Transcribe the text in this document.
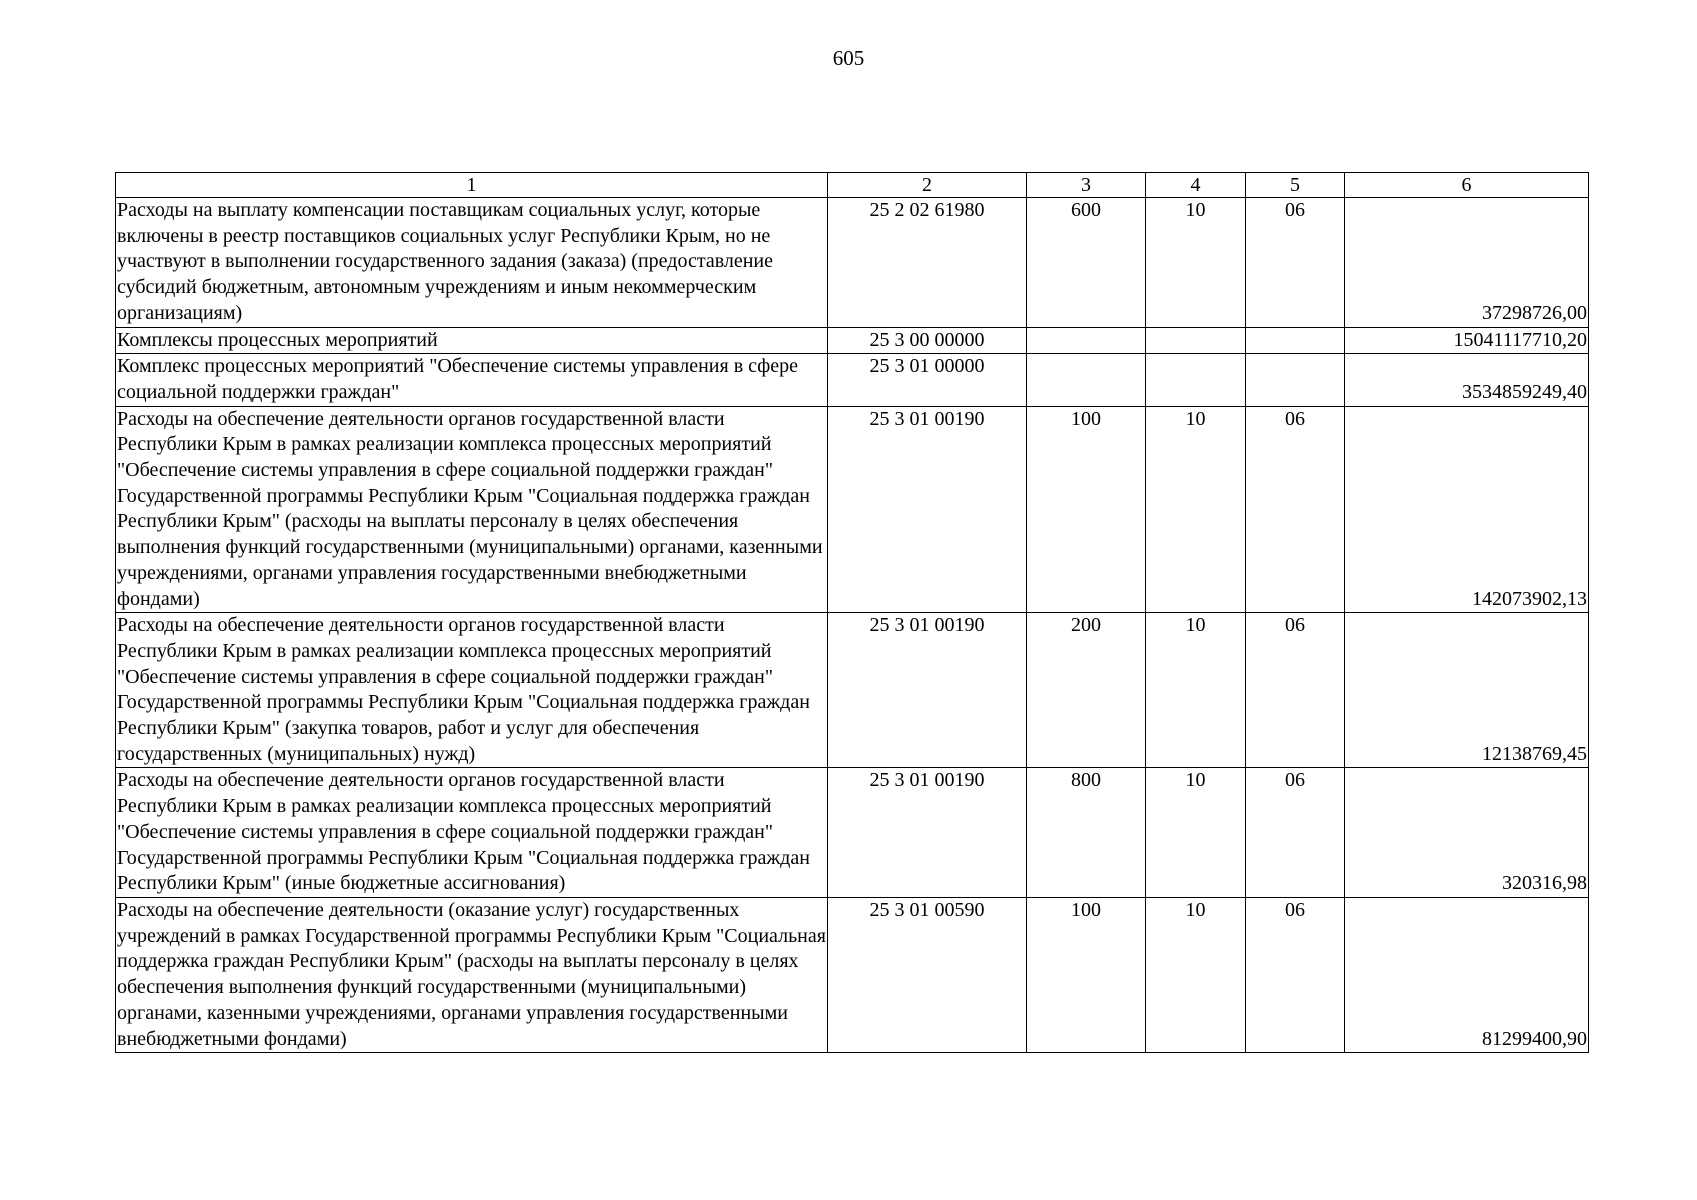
605
1	2	3	4	5	6
Расходы на выплату компенсации поставщикам социальных услуг, которые включены в реестр поставщиков социальных услуг Республики Крым, но не участвуют в выполнении государственного задания (заказа) (предоставление субсидий бюджетным, автономным учреждениям и иным некоммерческим организациям)	25 2 02 61980	600	10	06	37298726,00
Комплексы процессных мероприятий	25 3 00 00000				15041117710,20
Комплекс процессных мероприятий "Обеспечение системы управления в сфере социальной поддержки граждан"	25 3 01 00000				3534859249,40
Расходы на обеспечение деятельности органов государственной власти Республики Крым в рамках реализации комплекса процессных мероприятий "Обеспечение системы управления в сфере социальной поддержки граждан" Государственной программы Республики Крым "Социальная поддержка граждан Республики Крым" (расходы на выплаты персоналу в целях обеспечения выполнения функций государственными (муниципальными) органами, казенными учреждениями, органами управления государственными внебюджетными фондами)	25 3 01 00190	100	10	06	142073902,13
Расходы на обеспечение деятельности органов государственной власти Республики Крым в рамках реализации комплекса процессных мероприятий "Обеспечение системы управления в сфере социальной поддержки граждан" Государственной программы Республики Крым "Социальная поддержка граждан Республики Крым" (закупка товаров, работ и услуг для обеспечения государственных (муниципальных) нужд)	25 3 01 00190	200	10	06	12138769,45
Расходы на обеспечение деятельности органов государственной власти Республики Крым в рамках реализации комплекса процессных мероприятий "Обеспечение системы управления в сфере социальной поддержки граждан" Государственной программы Республики Крым "Социальная поддержка граждан Республики Крым" (иные бюджетные ассигнования)	25 3 01 00190	800	10	06	320316,98
Расходы на обеспечение деятельности (оказание услуг) государственных учреждений в рамках Государственной программы Республики Крым "Социальная поддержка граждан Республики Крым" (расходы на выплаты персоналу в целях обеспечения выполнения функций государственными (муниципальными) органами, казенными учреждениями, органами управления государственными внебюджетными фондами)	25 3 01 00590	100	10	06	81299400,90
